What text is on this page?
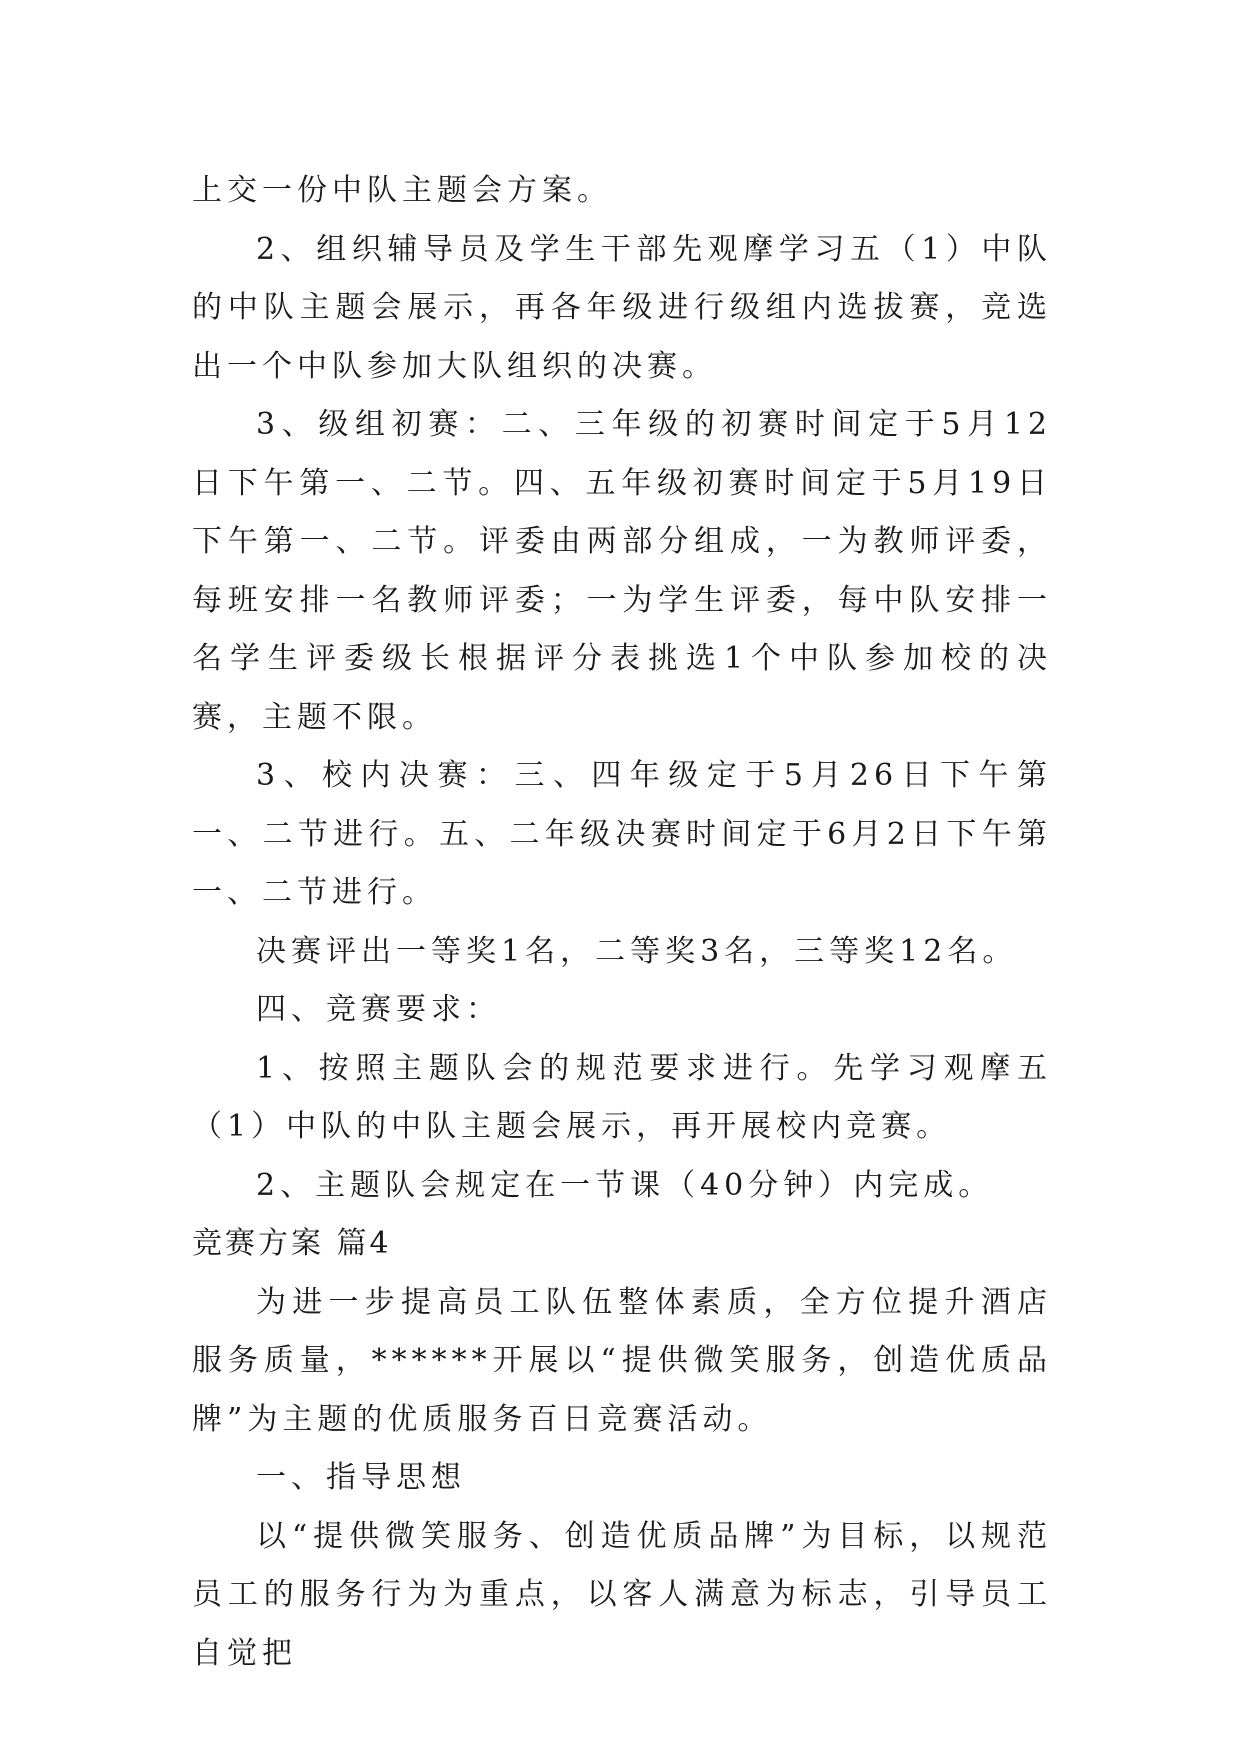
上交一份中队主题会方案。

2、组织辅导员及学生干部先观摩学习五（1）中队的中队主题会展示，再各年级进行级组内选拔赛，竞选出一个中队参加大队组织的决赛。

3、级组初赛：二、三年级的初赛时间定于5月12日下午第一、二节。四、五年级初赛时间定于5月19日下午第一、二节。评委由两部分组成，一为教师评委，每班安排一名教师评委；一为学生评委，每中队安排一名学生评委级长根据评分表挑选1个中队参加校的决赛，主题不限。

3、校内决赛：三、四年级定于5月26日下午第一、二节进行。五、二年级决赛时间定于6月2日下午第一、二节进行。

决赛评出一等奖1名，二等奖3名，三等奖12名。

四、竞赛要求：

1、按照主题队会的规范要求进行。先学习观摩五（1）中队的中队主题会展示，再开展校内竞赛。

2、主题队会规定在一节课（40分钟）内完成。

竞赛方案 篇4

为进一步提高员工队伍整体素质，全方位提升酒店服务质量，******开展以“提供微笑服务，创造优质品牌”为主题的优质服务百日竞赛活动。

一、指导思想

以“提供微笑服务、创造优质品牌”为目标，以规范员工的服务行为为重点，以客人满意为标志，引导员工自觉把
